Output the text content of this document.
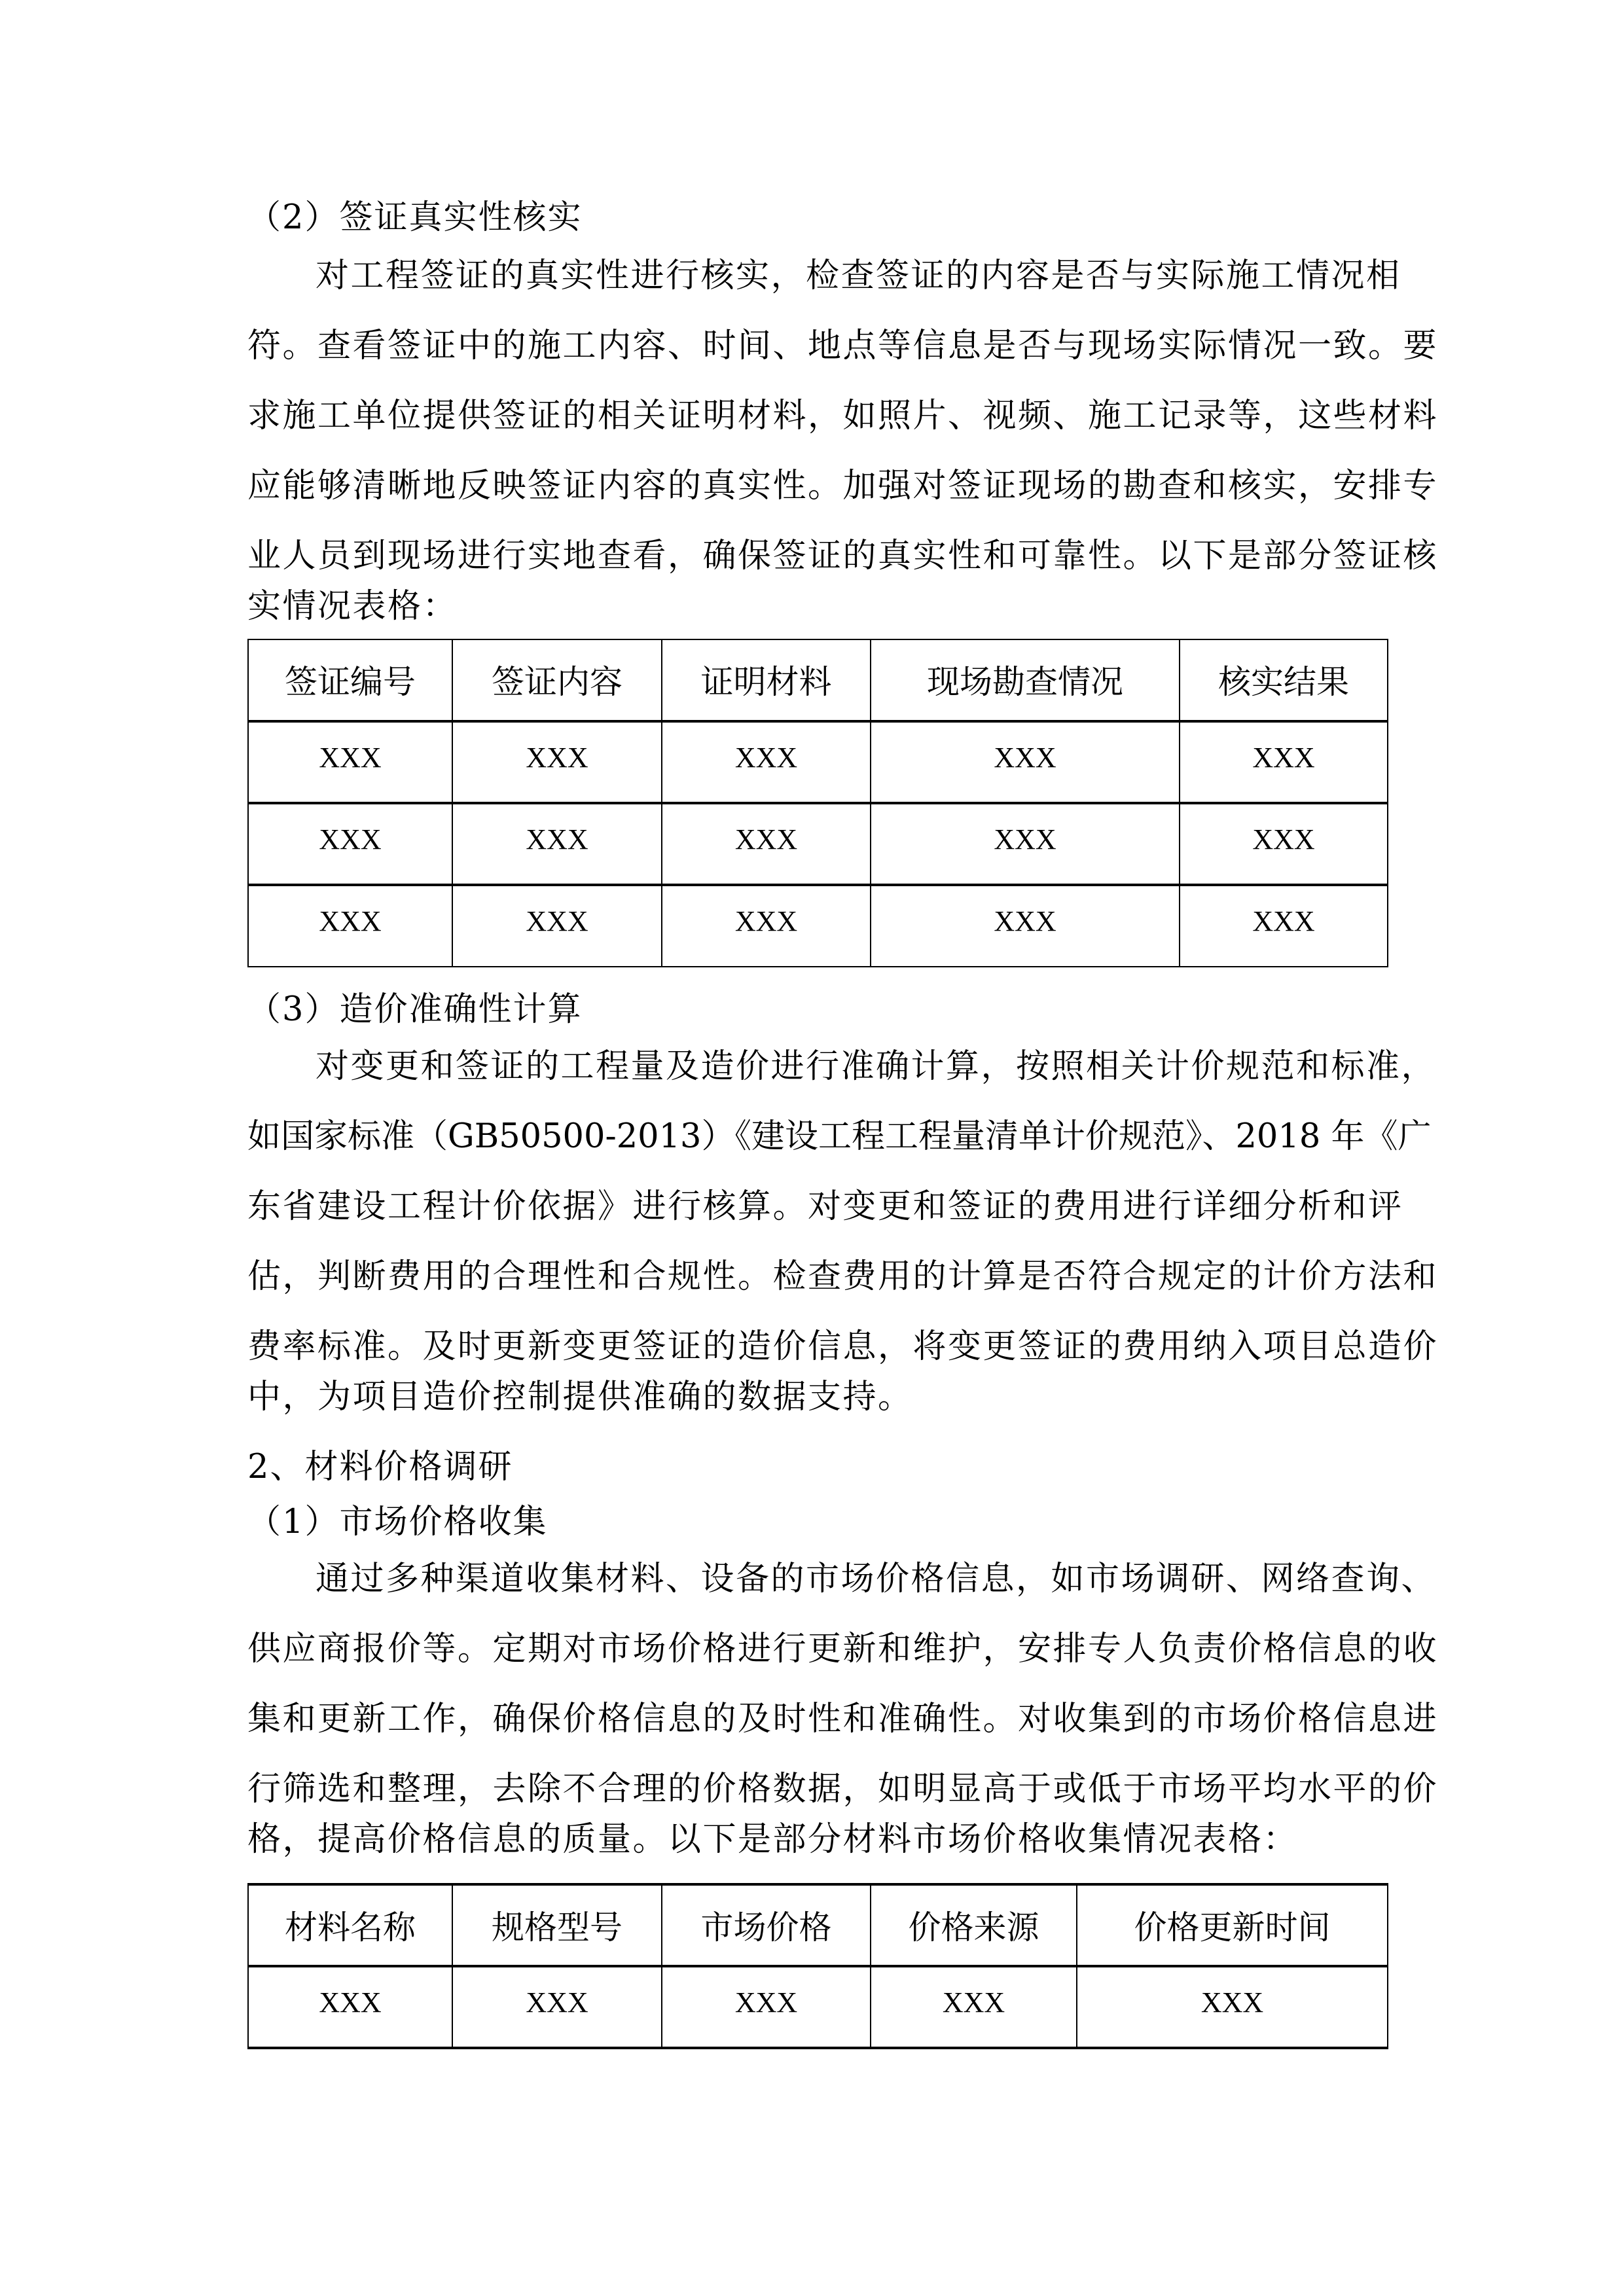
（2）签证真实性核实
对工程签证的真实性进行核实，检查签证的内容是否与实际施工情况相
符。查看签证中的施工内容、时间、地点等信息是否与现场实际情况一致。要
求施工单位提供签证的相关证明材料，如照片、视频、施工记录等，这些材料
应能够清晰地反映签证内容的真实性。加强对签证现场的勘查和核实，安排专
业人员到现场进行实地查看，确保签证的真实性和可靠性。以下是部分签证核
实情况表格：
签证编号	签证内容	证明材料	现场勘查情况	核实结果
XXX	XXX	XXX	XXX	XXX
XXX	XXX	XXX	XXX	XXX
XXX	XXX	XXX	XXX	XXX
（3）造价准确性计算
对变更和签证的工程量及造价进行准确计算，按照相关计价规范和标准，
如国家标准（GB50500-2013）《建设工程工程量清单计价规范》、2018 年《广
东省建设工程计价依据》进行核算。对变更和签证的费用进行详细分析和评
估，判断费用的合理性和合规性。检查费用的计算是否符合规定的计价方法和
费率标准。及时更新变更签证的造价信息，将变更签证的费用纳入项目总造价
中，为项目造价控制提供准确的数据支持。
2、材料价格调研
（1）市场价格收集
通过多种渠道收集材料、设备的市场价格信息，如市场调研、网络查询、
供应商报价等。定期对市场价格进行更新和维护，安排专人负责价格信息的收
集和更新工作，确保价格信息的及时性和准确性。对收集到的市场价格信息进
行筛选和整理，去除不合理的价格数据，如明显高于或低于市场平均水平的价
格，提高价格信息的质量。以下是部分材料市场价格收集情况表格：
材料名称	规格型号	市场价格	价格来源	价格更新时间
XXX	XXX	XXX	XXX	XXX
